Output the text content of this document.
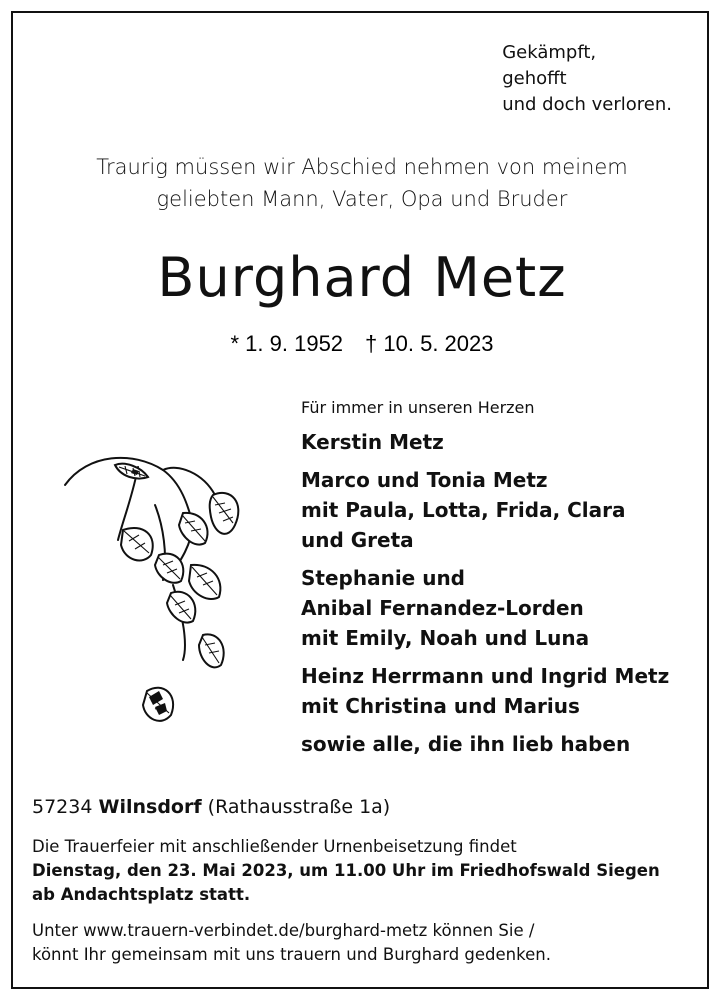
Gekämpft,
gehofft
und doch verloren.
Traurig müssen wir Abschied nehmen von meinem
geliebten Mann, Vater, Opa und Bruder
Burghard Metz
* 1. 9. 1952 † 10. 5. 2023
Für immer in unseren Herzen
Kerstin Metz
Marco und Tonia Metz
mit Paula, Lotta, Frida, Clara
und Greta
Stephanie und
Anibal Fernandez-Lorden
mit Emily, Noah und Luna
Heinz Herrmann und Ingrid Metz
mit Christina und Marius
sowie alle, die ihn lieb haben
57234 Wilnsdorf (Rathausstraße 1a)
Die Trauerfeier mit anschließender Urnenbeisetzung findet
Dienstag, den 23. Mai 2023, um 11.00 Uhr im Friedhofswald Siegen
ab Andachtsplatz statt.
Unter www.trauern-verbindet.de/burghard-metz können Sie /
könnt Ihr gemeinsam mit uns trauern und Burghard gedenken.
